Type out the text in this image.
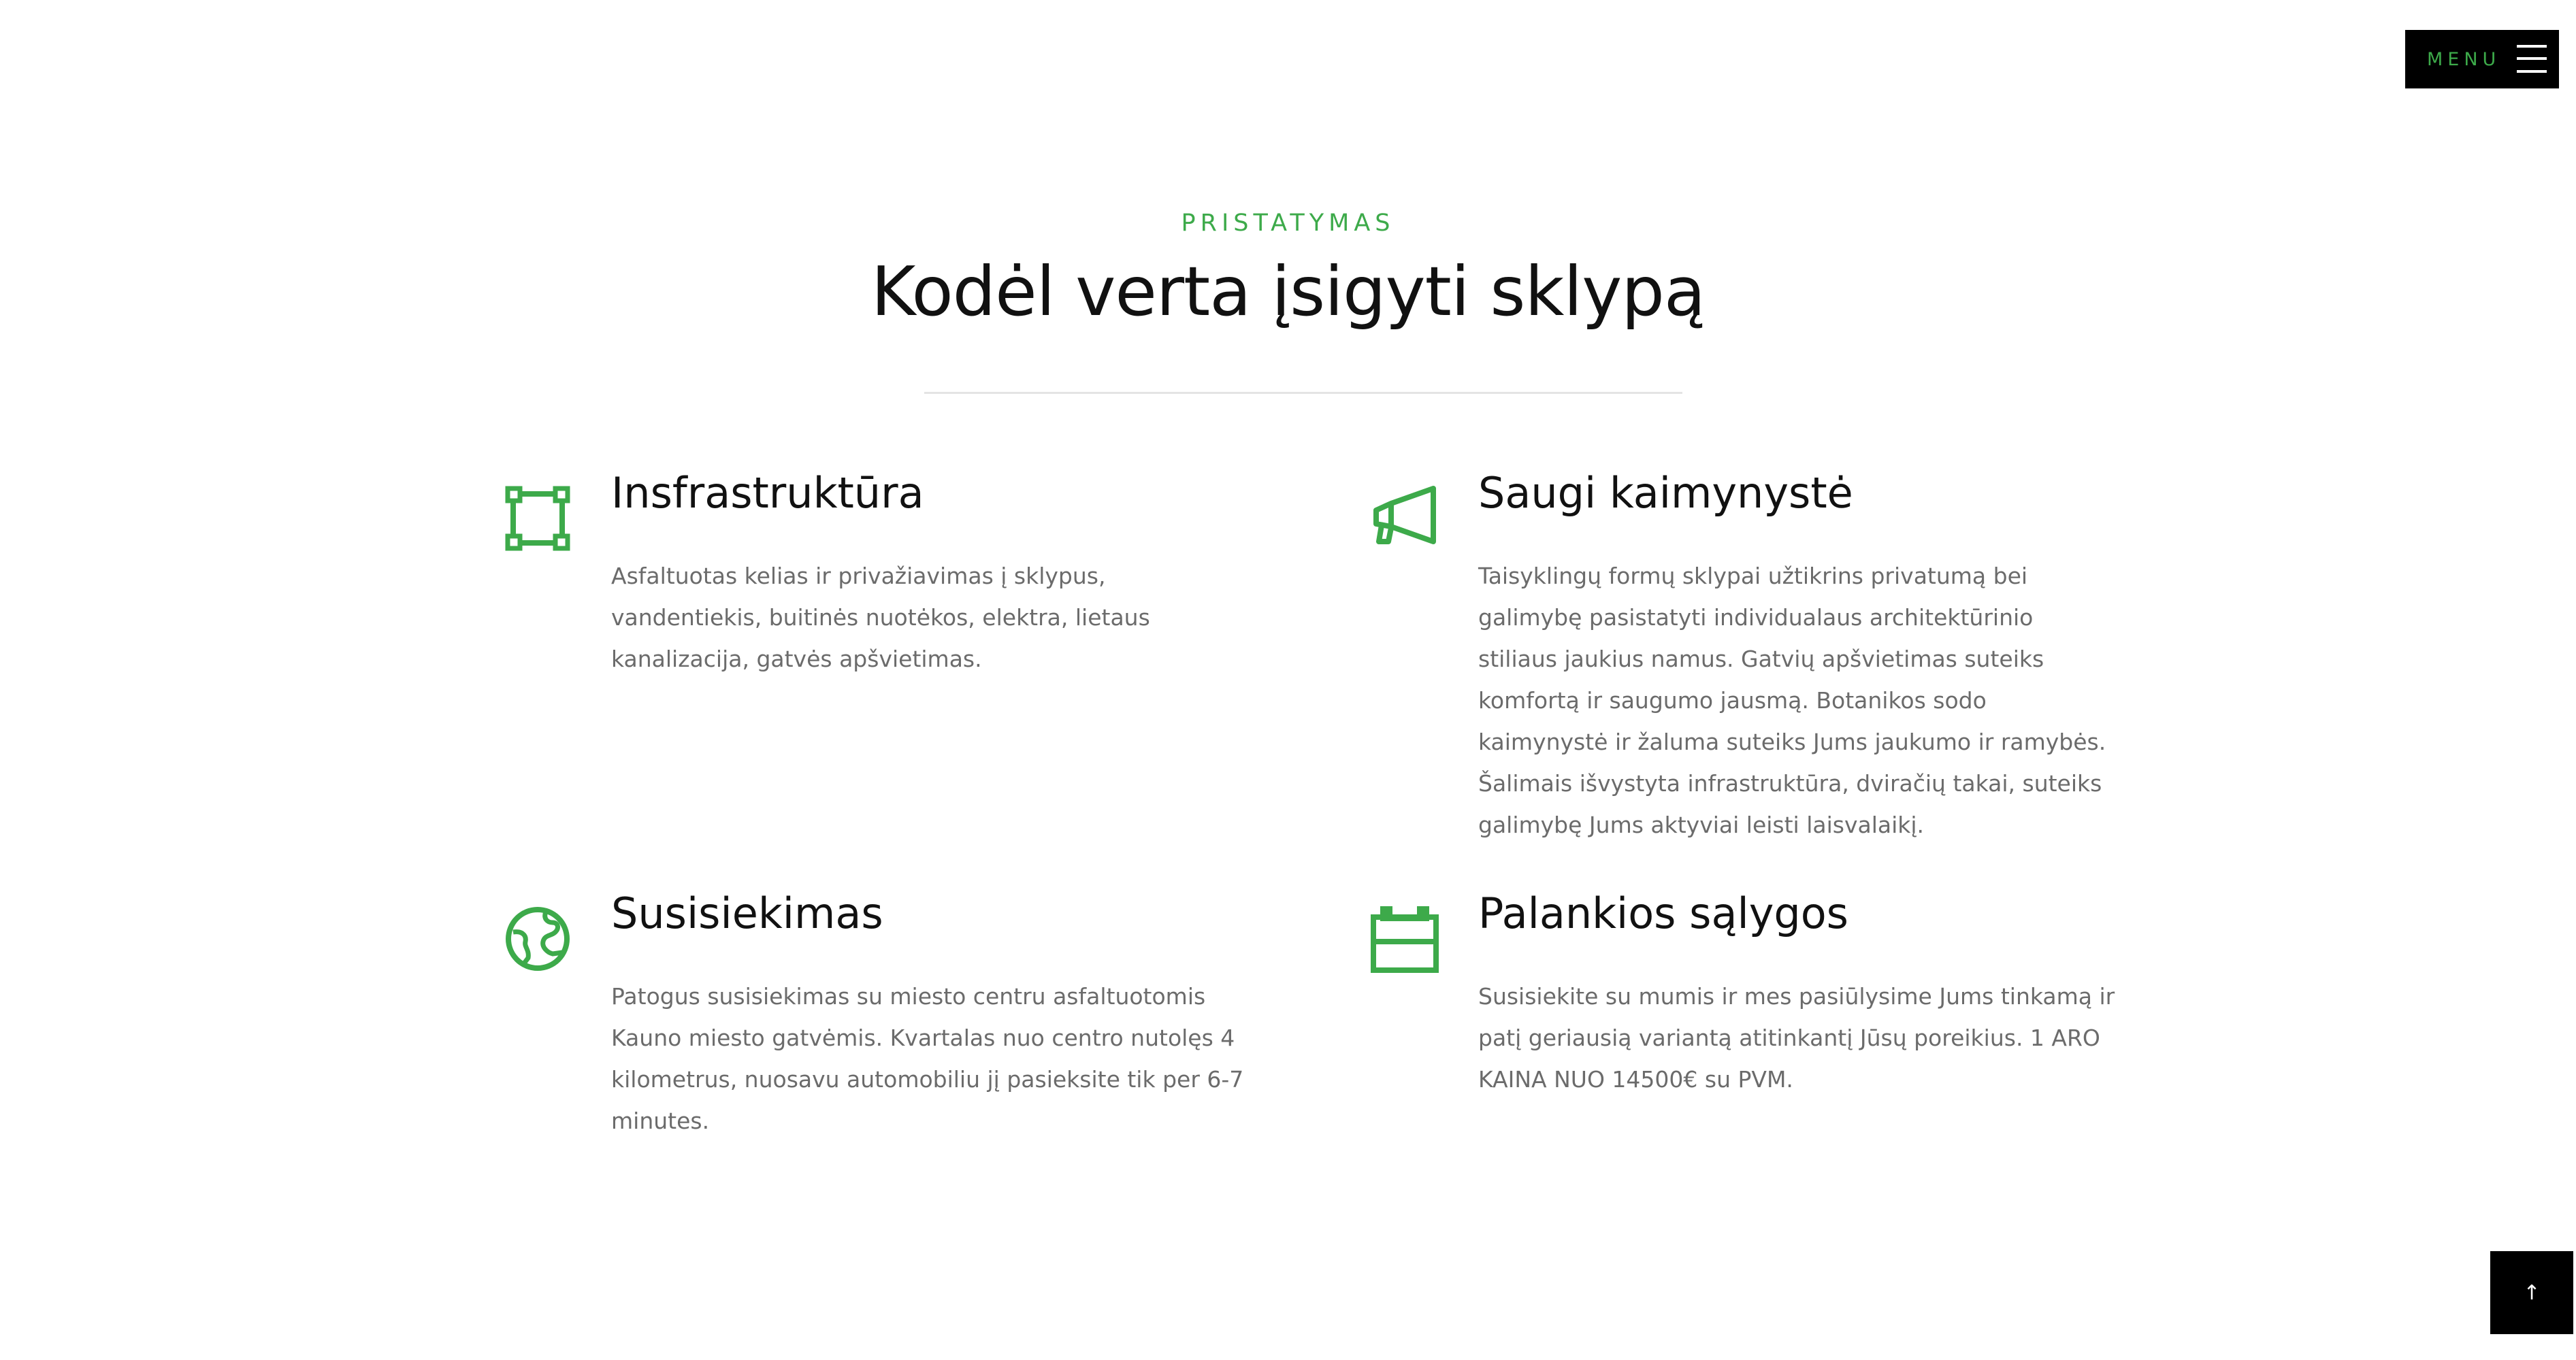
MENU
PRISTATYMAS
Kodėl verta įsigyti sklypą
Insfrastruktūra
Asfaltuotas kelias ir privažiavimas į sklypus, vandentiekis, buitinės nuotėkos, elektra, lietaus kanalizacija, gatvės apšvietimas.
Saugi kaimynystė
Taisyklingų formų sklypai užtikrins privatumą bei galimybę pasistatyti individualaus architektūrinio stiliaus jaukius namus. Gatvių apšvietimas suteiks komfortą ir saugumo jausmą. Botanikos sodo kaimynystė ir žaluma suteiks Jums jaukumo ir ramybės. Šalimais išvystyta infrastruktūra, dviračių takai, suteiks galimybę Jums aktyviai leisti laisvalaikį.
Susisiekimas
Patogus susisiekimas su miesto centru asfaltuotomis Kauno miesto gatvėmis. Kvartalas nuo centro nutolęs 4 kilometrus, nuosavu automobiliu jį pasieksite tik per 6-7 minutes.
Palankios sąlygos
Susisiekite su mumis ir mes pasiūlysime Jums tinkamą ir patį geriausią variantą atitinkantį Jūsų poreikius. 1 ARO KAINA NUO 14500€ su PVM.
↑
